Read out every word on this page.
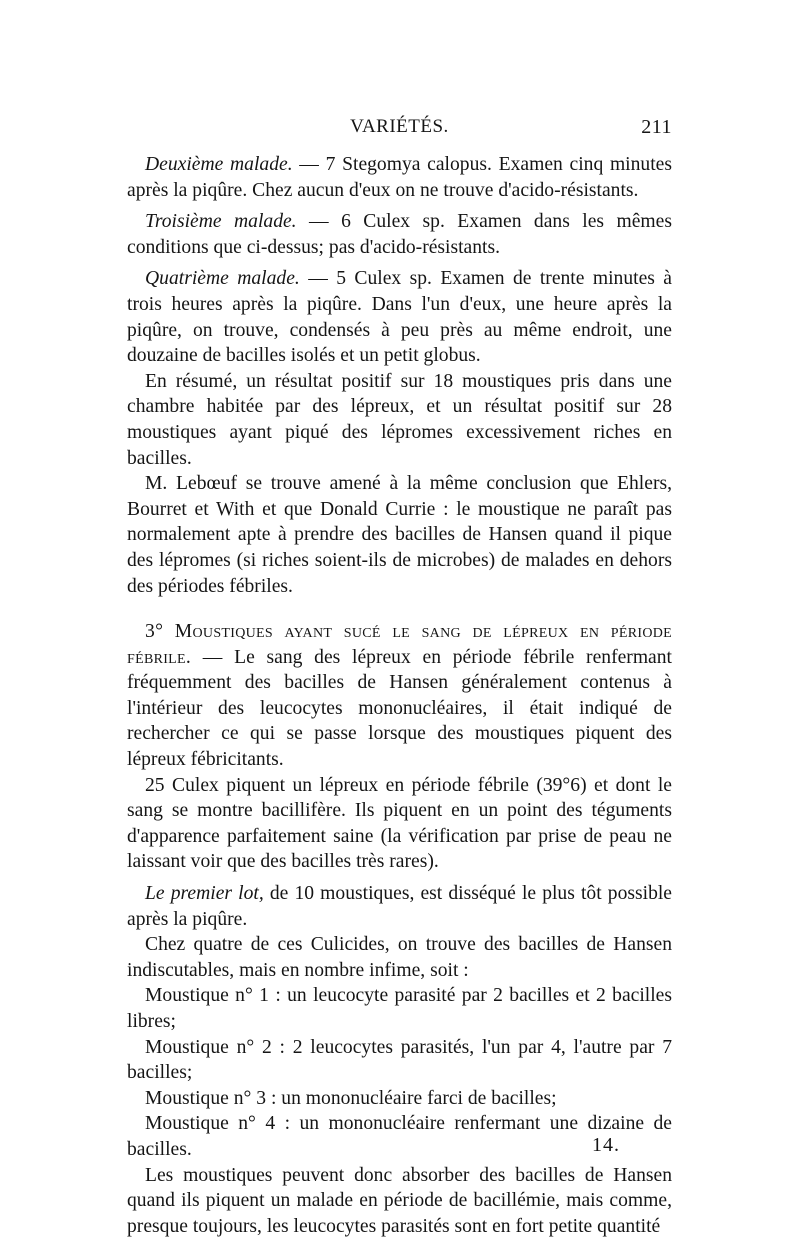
VARIÉTÉS.	211

Deuxième malade. — 7 Stegomya calopus. Examen cinq minutes après la piqûre. Chez aucun d'eux on ne trouve d'acido-résistants.

Troisième malade. — 6 Culex sp. Examen dans les mêmes conditions que ci-dessus; pas d'acido-résistants.

Quatrième malade. — 5 Culex sp. Examen de trente minutes à trois heures après la piqûre. Dans l'un d'eux, une heure après la piqûre, on trouve, condensés à peu près au même endroit, une douzaine de bacilles isolés et un petit globus.

En résumé, un résultat positif sur 18 moustiques pris dans une chambre habitée par des lépreux, et un résultat positif sur 28 moustiques ayant piqué des lépromes excessivement riches en bacilles.

M. Lebœuf se trouve amené à la même conclusion que Ehlers, Bourret et With et que Donald Currie : le moustique ne paraît pas normalement apte à prendre des bacilles de Hansen quand il pique des lépromes (si riches soient-ils de microbes) de malades en dehors des périodes fébriles.

3° Moustiques ayant sucé le sang de lépreux en période fébrile. — Le sang des lépreux en période fébrile renfermant fréquemment des bacilles de Hansen généralement contenus à l'intérieur des leucocytes mononucléaires, il était indiqué de rechercher ce qui se passe lorsque des moustiques piquent des lépreux fébricitants.

25 Culex piquent un lépreux en période fébrile (39°6) et dont le sang se montre bacillifère. Ils piquent en un point des téguments d'apparence parfaitement saine (la vérification par prise de peau ne laissant voir que des bacilles très rares).

Le premier lot, de 10 moustiques, est disséqué le plus tôt possible après la piqûre.

Chez quatre de ces Culicides, on trouve des bacilles de Hansen indiscutables, mais en nombre infime, soit :

Moustique n° 1 : un leucocyte parasité par 2 bacilles et 2 bacilles libres;

Moustique n° 2 : 2 leucocytes parasités, l'un par 4, l'autre par 7 bacilles;

Moustique n° 3 : un mononucléaire farci de bacilles;

Moustique n° 4 : un mononucléaire renfermant une dizaine de bacilles.

Les moustiques peuvent donc absorber des bacilles de Hansen quand ils piquent un malade en période de bacillémie, mais comme, presque toujours, les leucocytes parasités sont en fort petite quantité

14.
